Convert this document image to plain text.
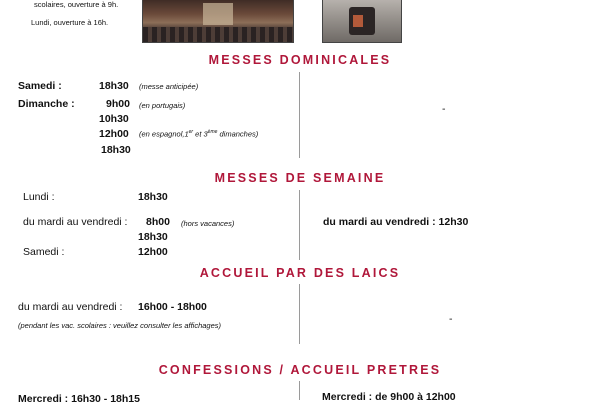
scolaires, ouverture à 9h.
Lundi, ouverture à 16h.
MESSES DOMINICALES
Samedi :	18h30 (messe anticipée)
Dimanche :	9h00 (en portugais)
10h30
12h00 (en espagnol,1er et 3ème dimanches)
18h30
-
MESSES DE SEMAINE
Lundi :	18h30
du mardi au vendredi : 8h00 (hors vacances)
18h30
Samedi :	12h00
du mardi au vendredi : 12h30
ACCUEIL PAR DES LAICS
du mardi au vendredi : 16h00 - 18h00
(pendant les vac. scolaires : veuillez consulter les affichages)
-
CONFESSIONS / ACCUEIL PRETRES
Mercredi : 16h30 - 18h15	Mercredi : de 9h00 à 12h00
